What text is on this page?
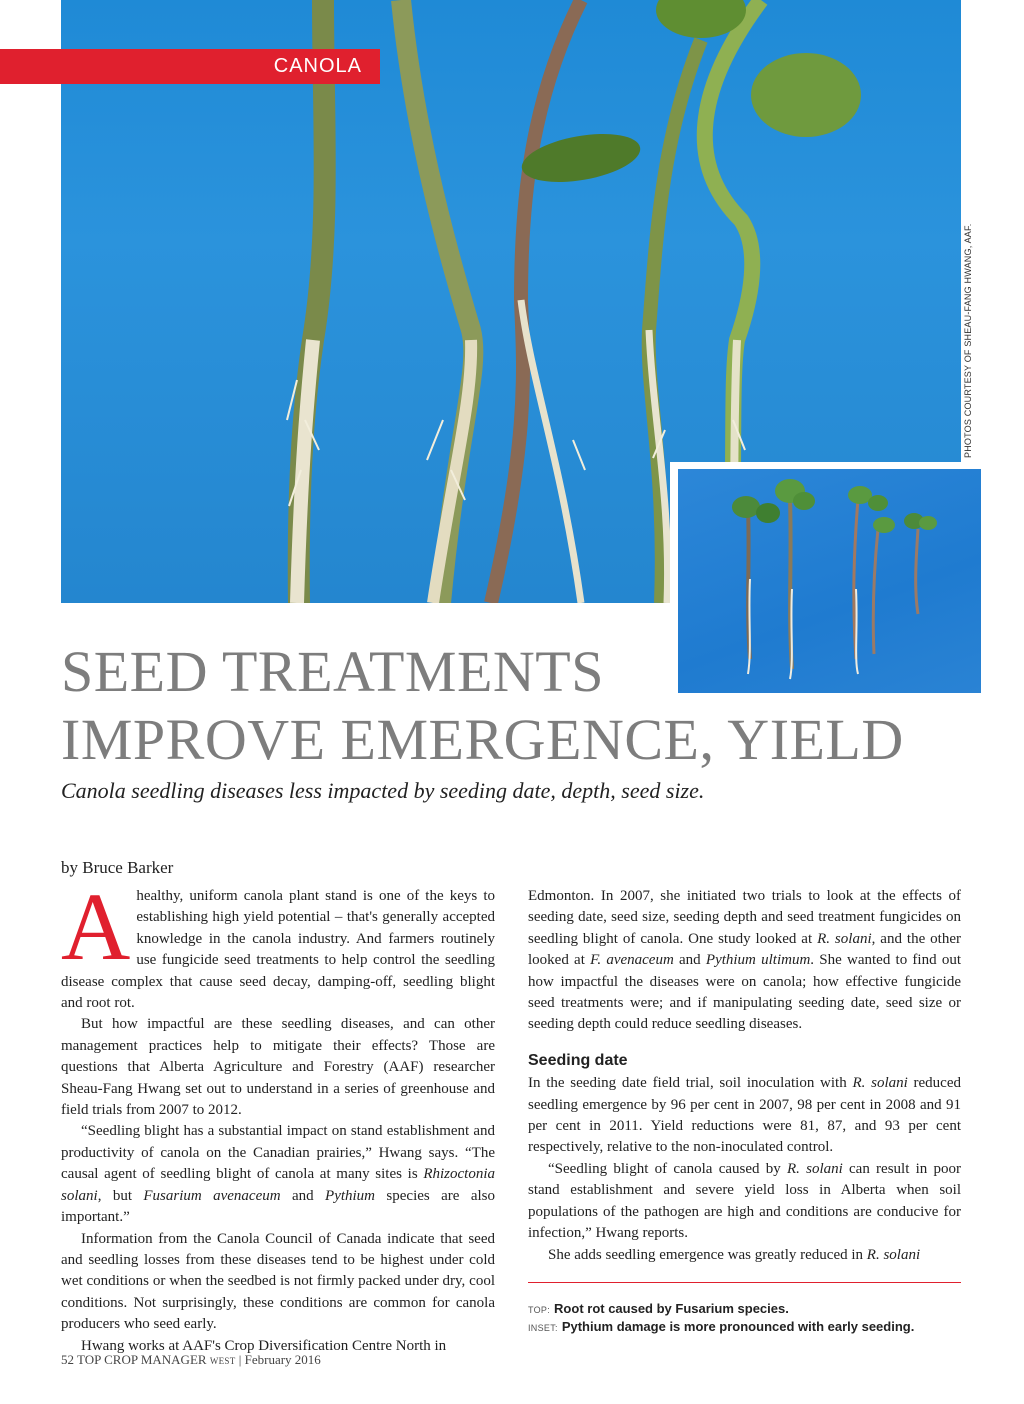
CANOLA
PHOTOS COURTESY OF SHEAU-FANG HWANG, AAF.
SEED TREATMENTS
IMPROVE EMERGENCE, YIELD
Canola seedling diseases less impacted by seeding date, depth, seed size.
by Bruce Barker

Ahealthy, uniform canola plant stand is one of the keys to establishing high yield potential – that's generally accepted knowledge in the canola industry. And farmers routinely use fungicide seed treatments to help control the seedling disease complex that cause seed decay, damping-off, seedling blight and root rot.

But how impactful are these seedling diseases, and can other management practices help to mitigate their effects? Those are questions that Alberta Agriculture and Forestry (AAF) researcher Sheau-Fang Hwang set out to understand in a series of greenhouse and field trials from 2007 to 2012.

“Seedling blight has a substantial impact on stand establishment and productivity of canola on the Canadian prairies,” Hwang says. “The causal agent of seedling blight of canola at many sites is Rhizoctonia solani, but Fusarium avenaceum and Pythium species are also important.”

Information from the Canola Council of Canada indicate that seed and seedling losses from these diseases tend to be highest under cold wet conditions or when the seedbed is not firmly packed under dry, cool conditions. Not surprisingly, these conditions are common for canola producers who seed early.

Hwang works at AAF's Crop Diversification Centre North in

Edmonton. In 2007, she initiated two trials to look at the effects of seeding date, seed size, seeding depth and seed treatment fungicides on seedling blight of canola. One study looked at R. solani, and the other looked at F. avenaceum and Pythium ultimum. She wanted to find out how impactful the diseases were on canola; how effective fungicide seed treatments were; and if manipulating seeding date, seed size or seeding depth could reduce seedling diseases.

Seeding date

In the seeding date field trial, soil inoculation with R. solani reduced seedling emergence by 96 per cent in 2007, 98 per cent in 2008 and 91 per cent in 2011. Yield reductions were 81, 87, and 93 per cent respectively, relative to the non-inoculated control.

“Seedling blight of canola caused by R. solani can result in poor stand establishment and severe yield loss in Alberta when soil populations of the pathogen are high and conditions are conducive for infection,” Hwang reports.

She adds seedling emergence was greatly reduced in R. solani

TOP: Root rot caused by Fusarium species.
INSET: Pythium damage is more pronounced with early seeding.
52 TOP CROP MANAGER WEST | February 2016
